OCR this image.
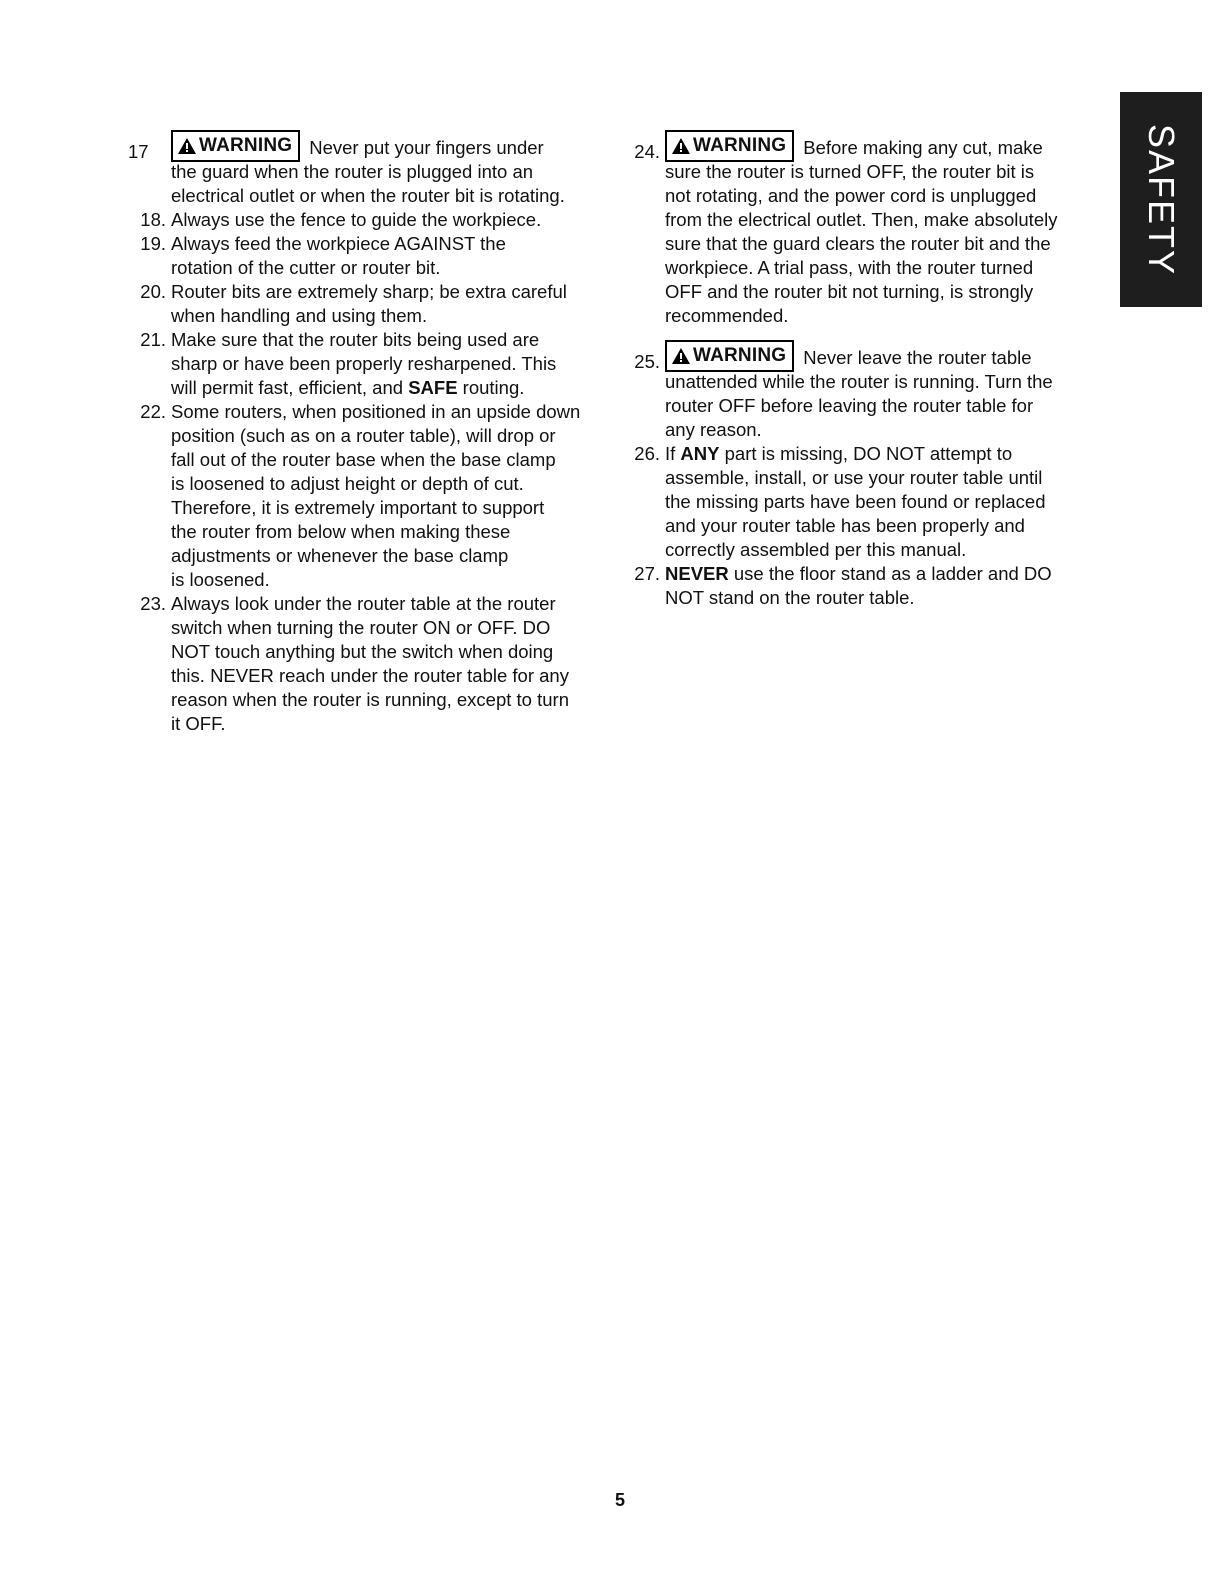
17	WARNING Never put your fingers under
the guard when the router is plugged into an
electrical outlet or when the router bit is rotating.
18. Always use the fence to guide the workpiece.
19. Always feed the workpiece AGAINST the
rotation of the cutter or router bit.
20. Router bits are extremely sharp; be extra careful
when handling and using them.
21. Make sure that the router bits being used are
sharp or have been properly resharpened. This
will permit fast, efficient, and SAFE routing.
22. Some routers, when positioned in an upside down
position (such as on a router table), will drop or
fall out of the router base when the base clamp
is loosened to adjust height or depth of cut.
Therefore, it is extremely important to support
the router from below when making these
adjustments or whenever the base clamp
is loosened.
23. Always look under the router table at the router
switch when turning the router ON or OFF. DO
NOT touch anything but the switch when doing
this. NEVER reach under the router table for any
reason when the router is running, except to turn
it OFF.
24. WARNING Before making any cut, make
sure the router is turned OFF, the router bit is
not rotating, and the power cord is unplugged
from the electrical outlet. Then, make absolutely
sure that the guard clears the router bit and the
workpiece. A trial pass, with the router turned
OFF and the router bit not turning, is strongly
recommended.
25. WARNING Never leave the router table
unattended while the router is running. Turn the
router OFF before leaving the router table for
any reason.
26. If ANY part is missing, DO NOT attempt to
assemble, install, or use your router table until
the missing parts have been found or replaced
and your router table has been properly and
correctly assembled per this manual.
27. NEVER use the floor stand as a ladder and DO
NOT stand on the router table.
SAFETY
5
